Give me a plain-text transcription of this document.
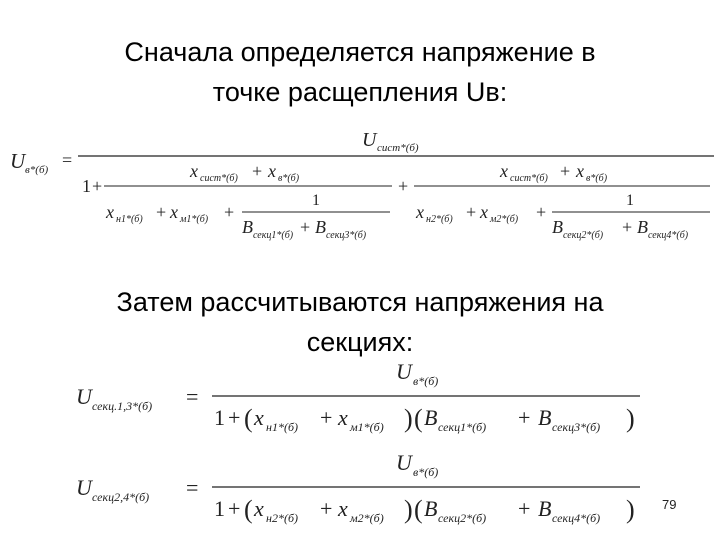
Сначала определяется напряжение в
точке расщепления Uв:
U в*(б) =
U сист*(б)
1 +
x сист*(б) + x в*(б)
x н1*(б) + x м1*(б) +
1
B секц1*(б) + B секц3*(б)
+
x сист*(б) + x в*(б)
x н2*(б) + x м2*(б) +
1
B секц2*(б) + B секц4*(б)
Затем рассчитываются напряжения на
секциях:
U секц.1,3*(б) =
U в*(б)
1 + ( x н1*(б) + x м1*(б) ) ( B секц1*(б) + B секц3*(б) )
U секц2,4*(б) =
U в*(б)
1 + ( x н2*(б) + x м2*(б) ) ( B секц2*(б) + B секц4*(б) ) 79
